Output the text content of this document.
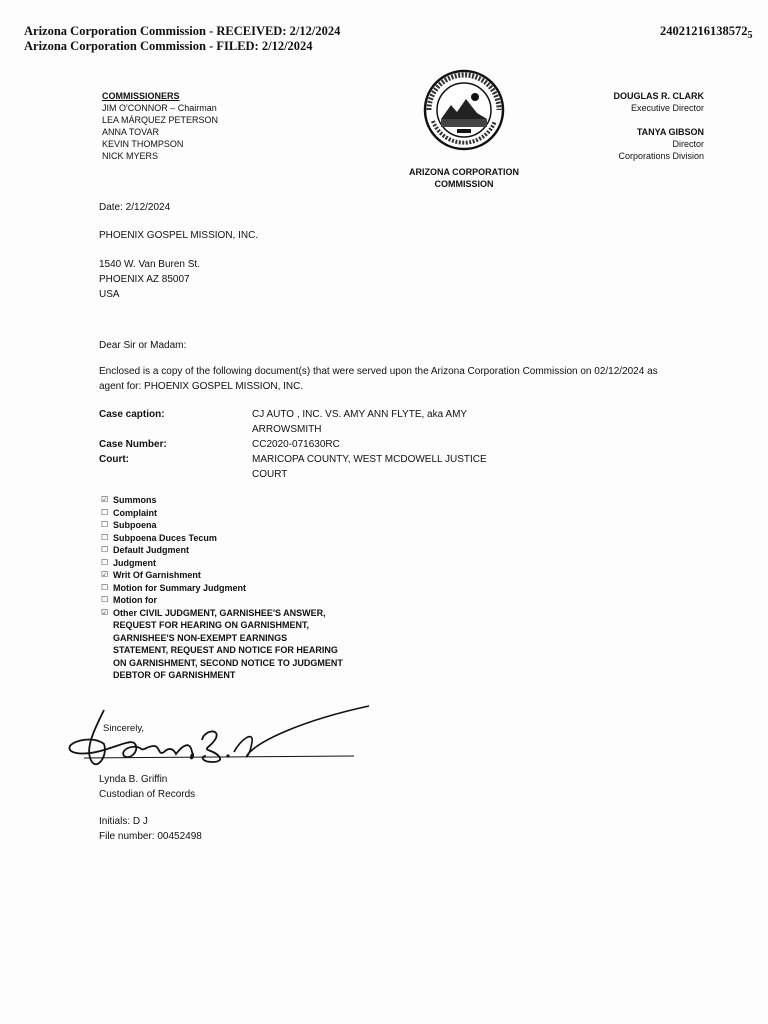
Arizona Corporation Commission - RECEIVED: 2/12/2024
Arizona Corporation Commission - FILED: 2/12/2024
$24021216138572_5$
COMMISSIONERS
JIM O'CONNOR – Chairman
LEA MÁRQUEZ PETERSON
ANNA TOVAR
KEVIN THOMPSON
NICK MYERS
ARIZONA CORPORATION
COMMISSION
DOUGLAS R. CLARK
Executive Director
TANYA GIBSON
Director
Corporations Division
Date: 2/12/2024
PHOENIX GOSPEL MISSION, INC.
1540 W. Van Buren St.
PHOENIX AZ 85007
USA
Dear Sir or Madam:
Enclosed is a copy of the following document(s) that were served upon the Arizona Corporation Commission on 02/12/2024 as
agent for: PHOENIX GOSPEL MISSION, INC.
Case caption:	CJ AUTO , INC. VS. AMY ANN FLYTE, aka AMY
ARROWSMITH
Case Number:	CC2020-071630RC
Court:	MARICOPA COUNTY, WEST MCDOWELL JUSTICE
COURT
☑ Summons
☐ Complaint
☐ Subpoena
☐ Subpoena Duces Tecum
☐ Default Judgment
☐ Judgment
☑ Writ Of Garnishment
☐ Motion for Summary Judgment
☐ Motion for
☑ Other CIVIL JUDGMENT, GARNISHEE'S ANSWER, REQUEST FOR HEARING ON GARNISHMENT, GARNISHEE'S NON-EXEMPT EARNINGS STATEMENT, REQUEST AND NOTICE FOR HEARING ON GARNISHMENT, SECOND NOTICE TO JUDGMENT DEBTOR OF GARNISHMENT
Sincerely,
Lynda B. Griffin
Custodian of Records
Initials: D J
File number: 00452498
